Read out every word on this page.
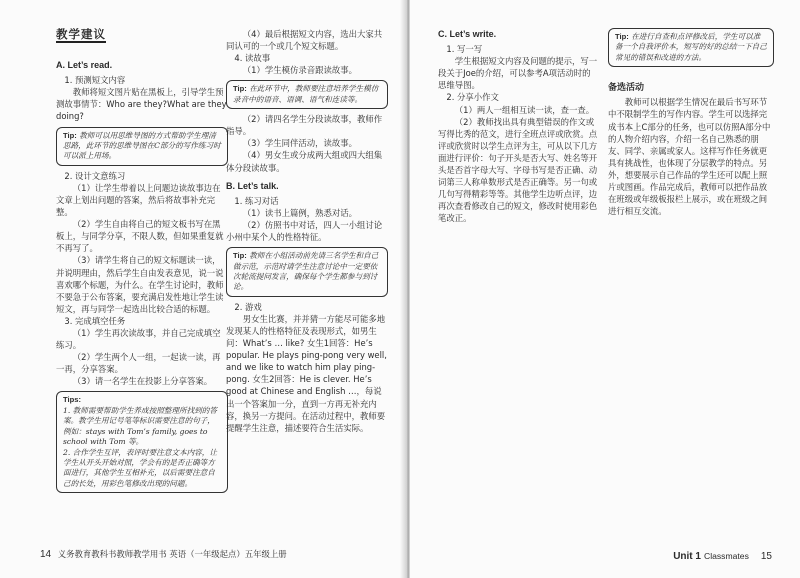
教学建议
A. Let’s read.

1. 预测短文内容

教师将短文图片贴在黑板上，引导学生预测故事情节：Who are they?What are they doing?

Tip: 教师可以用思维导图的方式帮助学生理清思路，此环节的思维导图在C部分的写作练习时可以派上用场。

2. 设计文意练习

（1）让学生带着以上问题边读故事边在文章上划出问题的答案，然后将故事补充完整。

（2）学生自由将自己的短文板书写在黑板上，与同学分享，不限人数，但如果重复就不再写了。

（3）请学生将自己的短文标题读一读，并说明理由，然后学生自由发表意见，说一说喜欢哪个标题，为什么。在学生讨论时，教师不要急于公布答案，要充满启发性地让学生读短文，再与同学一起选出比较合适的标题。

3. 完成填空任务

（1）学生再次读故事，并自己完成填空练习。

（2）学生两个人一组，一起读一读，再一再，分享答案。

（3）请一名学生在投影上分享答案。

Tips:

1. 教师需要帮助学生养成按照整理所找到的答案。教学生用记号笔等标识需要注意的句子，例如：stays with Tom’s family, goes to school with Tom 等。

2. 合作学生互评，表评时要注意文本内容，让学生从开头开始对照，学会有的是否正确等方面进行，其他学生互相补充，以后需要注意自己的长处，用彩色笔修改出现的问题。

（4）最后根据短文内容，选出大家共同认可的一个或几个短文标题。

4. 读故事

（1）学生模仿录音跟读故事。

Tip: 在此环节中，教师要注意培养学生模仿录音中的语音、语调、语气和连读等。

（2）请四名学生分段读故事，教师作指导。

（3）学生同伴活动，读故事。

（4）男女生或分成两大组或四大组集体分段读故事。

B. Let’s talk.

1. 练习对话

（1）读书上篇例，熟悉对话。

（2）仿照书中对话，四人一小组讨论小州中某个人的性格特征。

Tip: 教师在小组活动前先请三名学生和自己做示范，示范时请学生注意讨论中一定要依次轮流提问发言，确保每个学生都参与到讨论。

2. 游戏

男女生比赛，并并猜一方能尽可能多地发现某人的性格特征及表现形式，如男生问：What’s … like? 女生1回答：He’s popular. He plays ping-pong very well, and we like to watch him play ping-pong. 女生2回答：He is clever. He’s good at Chinese and English …，每说出一个答案加一分，直到一方再无补充内容，换另一方提问。在活动过程中，教师要提醒学生注意，描述要符合生活实际。

14 义务教育教科书教师教学用书 英语（一年级起点）五年级上册
C. Let’s write.

1. 写一写

学生根据短文内容及问题的提示，写一段关于Joe的介绍，可以参考A项活动时的思维导图。

2. 分享小作文

（1）两人一组相互读一读，查一查。

（2）教师找出具有典型错误的作文或写得比秀的范文，进行全班点评或欣赏。点评或欣赏时以学生点评为主，可从以下几方面进行评价：句子开头是否大写、姓名等开头是否首字母大写、字母书写是否正确、动词第三人称单数形式是否正确等。另一句或几句写得精彩等等。其他学生边听点评，边再次查看修改自己的短文，修改时使用彩色笔改正。

Tip: 在进行自查和点评修改后，学生可以准备一个自我评价本，短写的好的总结一下自己常见的错误和改进的方法。

备选活动

教师可以根据学生情况在最后书写环节中不限制学生的写作内容。学生可以选择完成书本上C部分的任务，也可以仿照A部分中的人物介绍内容，介绍一名自己熟悉的朋友、同学、亲属或家人。这样写作任务就更具有挑战性，也体现了分层教学的特点。另外，想要展示自己作品的学生还可以配上照片或图画。作品完成后，教师可以把作品放在班级或年级板报栏上展示，或在班级之间进行相互交流。

Unit 1 Classmates 15
